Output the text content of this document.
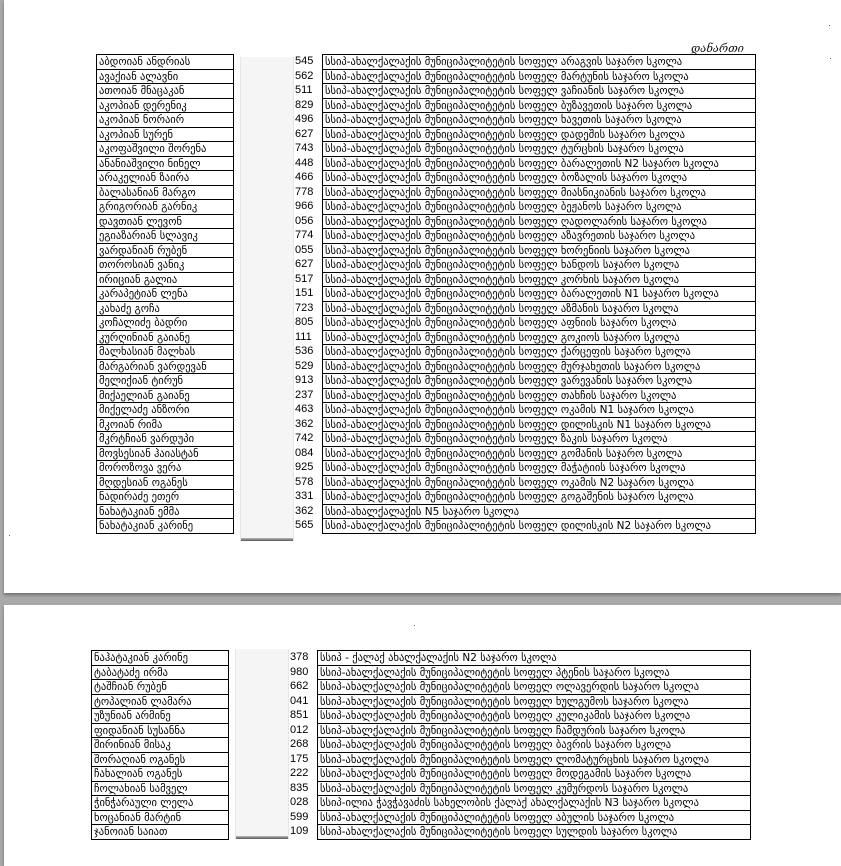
დანართი
აბდოიან ანდრიას	545	სსიპ-ახალქალაქის მუნიციპალიტეტის სოფელ არაგვის საჯარო სკოლა
ავაქიან ალავნი	562	სსიპ-ახალქალაქის მუნიციპალიტეტის სოფელ მარტუნის საჯარო სკოლა
ათოიან მნაცაკან	511	სსიპ-ახალქალაქის მუნიციპალიტეტის სოფელ ვაჩიანის საჯარო სკოლა
აკოპიან დერენიკ	829	სსიპ-ახალქალაქის მუნიციპალიტეტის სოფელ ბუზავეთის საჯარო სკოლა
აკოპიან ნორაირ	496	სსიპ-ახალქალაქის მუნიციპალიტეტის სოფელ ხავეთის საჯარო სკოლა
აკოპიან სურენ	627	სსიპ-ახალქალაქის მუნიციპალიტეტის სოფელ დადეშის საჯარო სკოლა
აკოფაშვილი შორენა	743	სსიპ-ახალქალაქის მუნიციპალიტეტის სოფელ ტურცხის საჯარო სკოლა
ანანიაშვილი ნინელ	448	სსიპ-ახალქალაქის მუნიციპალიტეტის სოფელ ბარალეთის N2 საჯარო სკოლა
არაკელიან ზაირა	466	სსიპ-ახალქალაქის მუნიციპალიტეტის სოფელ ბოზალის საჯარო სკოლა
ბალასანიან მარგო	778	სსიპ-ახალქალაქის მუნიციპალიტეტის სოფელ მიასნიკიანის საჯარო სკოლა
გრიგორიან გარნიკ	966	სსიპ-ახალქალაქის მუნიციპალიტეტის სოფელ ბეჟანოს საჯარო სკოლა
დავთიან ლევონ	056	სსიპ-ახალქალაქის მუნიციპალიტეტის სოფელ ღადოლარის საჯარო სკოლა
ეგიაზარიან სლავიკ	774	სსიპ-ახალქალაქის მუნიციპალიტეტის სოფელ აზავრეთის საჯარო სკოლა
ვარდანიან რუბენ	055	სსიპ-ახალქალაქის მუნიციპალიტეტის სოფელ ხორენიის საჯარო სკოლა
თოროსიან ვანიკ	627	სსიპ-ახალქალაქის მუნიციპალიტეტის სოფელ ხანდოს საჯარო სკოლა
ირიციან გალია	517	სსიპ-ახალქალაქის მუნიციპალიტეტის სოფელ კორხის საჯარო სკოლა
კარაპეტიან ლენა	151	სსიპ-ახალქალაქის მუნიციპალიტეტის სოფელ ბარალეთის N1 საჯარო სკოლა
კახაძე გოჩა	723	სსიპ-ახალქალაქის მუნიციპალიტეტის სოფელ აზმანის საჯარო სკოლა
კოჩალიძე ბადრი	805	სსიპ-ახალქალაქის მუნიციპალიტეტის სოფელ აფნიის საჯარო სკოლა
კურღინიან გაიანე	111	სსიპ-ახალქალაქის მუნიციპალიტეტის სოფელ გოკიოს საჯარო სკოლა
მალხასიან მალხას	536	სსიპ-ახალქალაქის მუნიციპალიტეტის სოფელ ქარცეფის საჯარო სკოლა
მარგარიან ვარდევან	529	სსიპ-ახალქალაქის მუნიციპალიტეტის სოფელ მურჯახეთის საჯარო სკოლა
მელიქიან ტირუნ	913	სსიპ-ახალქალაქის მუნიციპალიტეტის სოფელ ვარევანის საჯარო სკოლა
მიქაელიან გაიანე	237	სსიპ-ახალქალაქის მუნიციპალიტეტის სოფელ თახჩის საჯარო სკოლა
მიქელაძე ანზორი	463	სსიპ-ახალქალაქის მუნიციპალიტეტის სოფელ ოკამის N1 საჯარო სკოლა
მკოიან რიმა	362	სსიპ-ახალქალაქის მუნიციპალიტეტის სოფელ დილისკის N1 საჯარო სკოლა
მკრტჩიან ვარდუპი	742	სსიპ-ახალქალაქის მუნიციპალიტეტის სოფელ ზაკის საჯარო სკოლა
მოვსესიან ჰაიასტან	084	სსიპ-ახალქალაქის მუნიციპალიტეტის სოფელ გომანის საჯარო სკოლა
მოროზოვა ვერა	925	სსიპ-ახალქალაქის მუნიციპალიტეტის სოფელ მაჭატიის საჯარო სკოლა
მღდესიან ოგანეს	578	სსიპ-ახალქალაქის მუნიციპალიტეტის სოფელ ოკამის N2 საჯარო სკოლა
ნადირაძე ეთერ	331	სსიპ-ახალქალაქის მუნიციპალიტეტის სოფელ გოგაშენის საჯარო სკოლა
ნახატაკიან ემმა	362	სსიპ-ახალქალაქის N5 საჯარო სკოლა
ნახატაკიან კარინე	565	სსიპ-ახალქალაქის მუნიციპალიტეტის სოფელ დილისკის N2 საჯარო სკოლა
ნაჰატაკიან კარინე	378	სსიპ - ქალაქ ახალქალაქის N2 საჯარო სკოლა
ტაბატაძე ირმა	980	სსიპ-ახალქალაქის მუნიციპალიტეტის სოფელ პტენის საჯარო სკოლა
ტაშჩიან რუბენ	662	სსიპ-ახალქალაქის მუნიციპალიტეტის სოფელ ოლავერდის საჯარო სკოლა
ტოპალიან ლამარა	041	სსიპ-ახალქალაქის მუნიციპალიტეტის სოფელ ხულგუმოს საჯარო სკოლა
უზუნიან არმინე	851	სსიპ-ახალქალაქის მუნიციპალიტეტის სოფელ კულიკამის საჯარო სკოლა
ფიდანიან სუსანნა	012	სსიპ-ახალქალაქის მუნიციპალიტეტის სოფელ ჩამდურის საჯარო სკოლა
შირინიან მისაკ	268	სსიპ-ახალქალაქის მუნიციპალიტეტის სოფელ ბავრის საჯარო სკოლა
შორაღიან ოგანეს	175	სსიპ-ახალქალაქის მუნიციპალიტეტის სოფელ ლომატურცხის საჯარო სკოლა
ჩახალიან ოგანეს	222	სსიპ-ახალქალაქის მუნიციპალიტეტის სოფელ მოდეგამის საჯარო სკოლა
ჩოლახიან სამველ	835	სსიპ-ახალქალაქის მუნიციპალიტეტის სოფელ კუმურდოს საჯარო სკოლა
ჭინჭარაული ლელა	028	სსიპ-ილია ჭავჭავაძის სახელობის ქალაქ ახალქალაქის N3 საჯარო სკოლა
ხოცანიან მარტინ	599	სსიპ-ახალქალაქის მუნიციპალიტეტის სოფელ აბულის საჯარო სკოლა
ჯანოიან საიათ	109	სსიპ-ახალქალაქის მუნიციპალიტეტის სოფელ სულდის საჯარო სკოლა
